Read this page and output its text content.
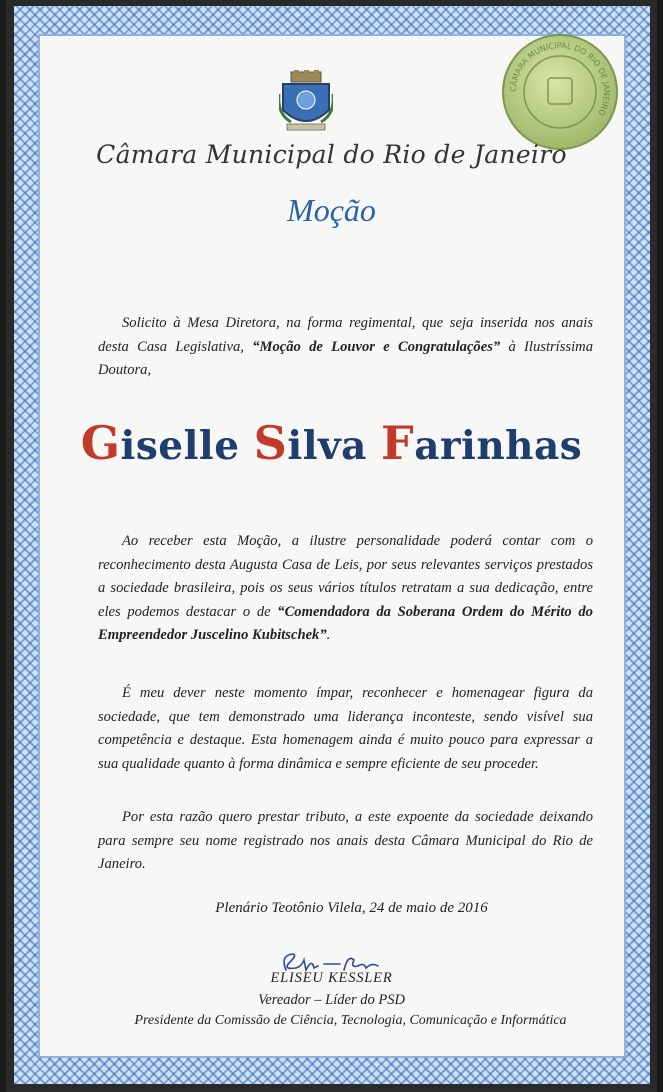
CÂMARA MUNICIPAL DO RIO DE JANEIRO
Câmara Municipal do Rio de Janeiro
Moção
Solicito à Mesa Diretora, na forma regimental, que seja inserida nos anais desta Casa Legislativa, “Moção de Louvor e Congratulações” à Ilustríssima Doutora,
Giselle Silva Farinhas
Ao receber esta Moção, a ilustre personalidade poderá contar com o reconhecimento desta Augusta Casa de Leis, por seus relevantes serviços prestados a sociedade brasileira, pois os seus vários títulos retratam a sua dedicação, entre eles podemos destacar o de “Comendadora da Soberana Ordem do Mérito do Empreendedor Juscelino Kubitschek”.
É meu dever neste momento ímpar, reconhecer e homenagear figura da sociedade, que tem demonstrado uma liderança inconteste, sendo visível sua competência e destaque. Esta homenagem ainda é muito pouco para expressar a sua qualidade quanto à forma dinâmica e sempre eficiente de seu proceder.
Por esta razão quero prestar tributo, a este expoente da sociedade deixando para sempre seu nome registrado nos anais desta Câmara Municipal do Rio de Janeiro.
Plenário Teotônio Vilela, 24 de maio de 2016
ELISEU KESSLER
Vereador – Líder do PSD
Presidente da Comissão de Ciência, Tecnologia, Comunicação e Informática
